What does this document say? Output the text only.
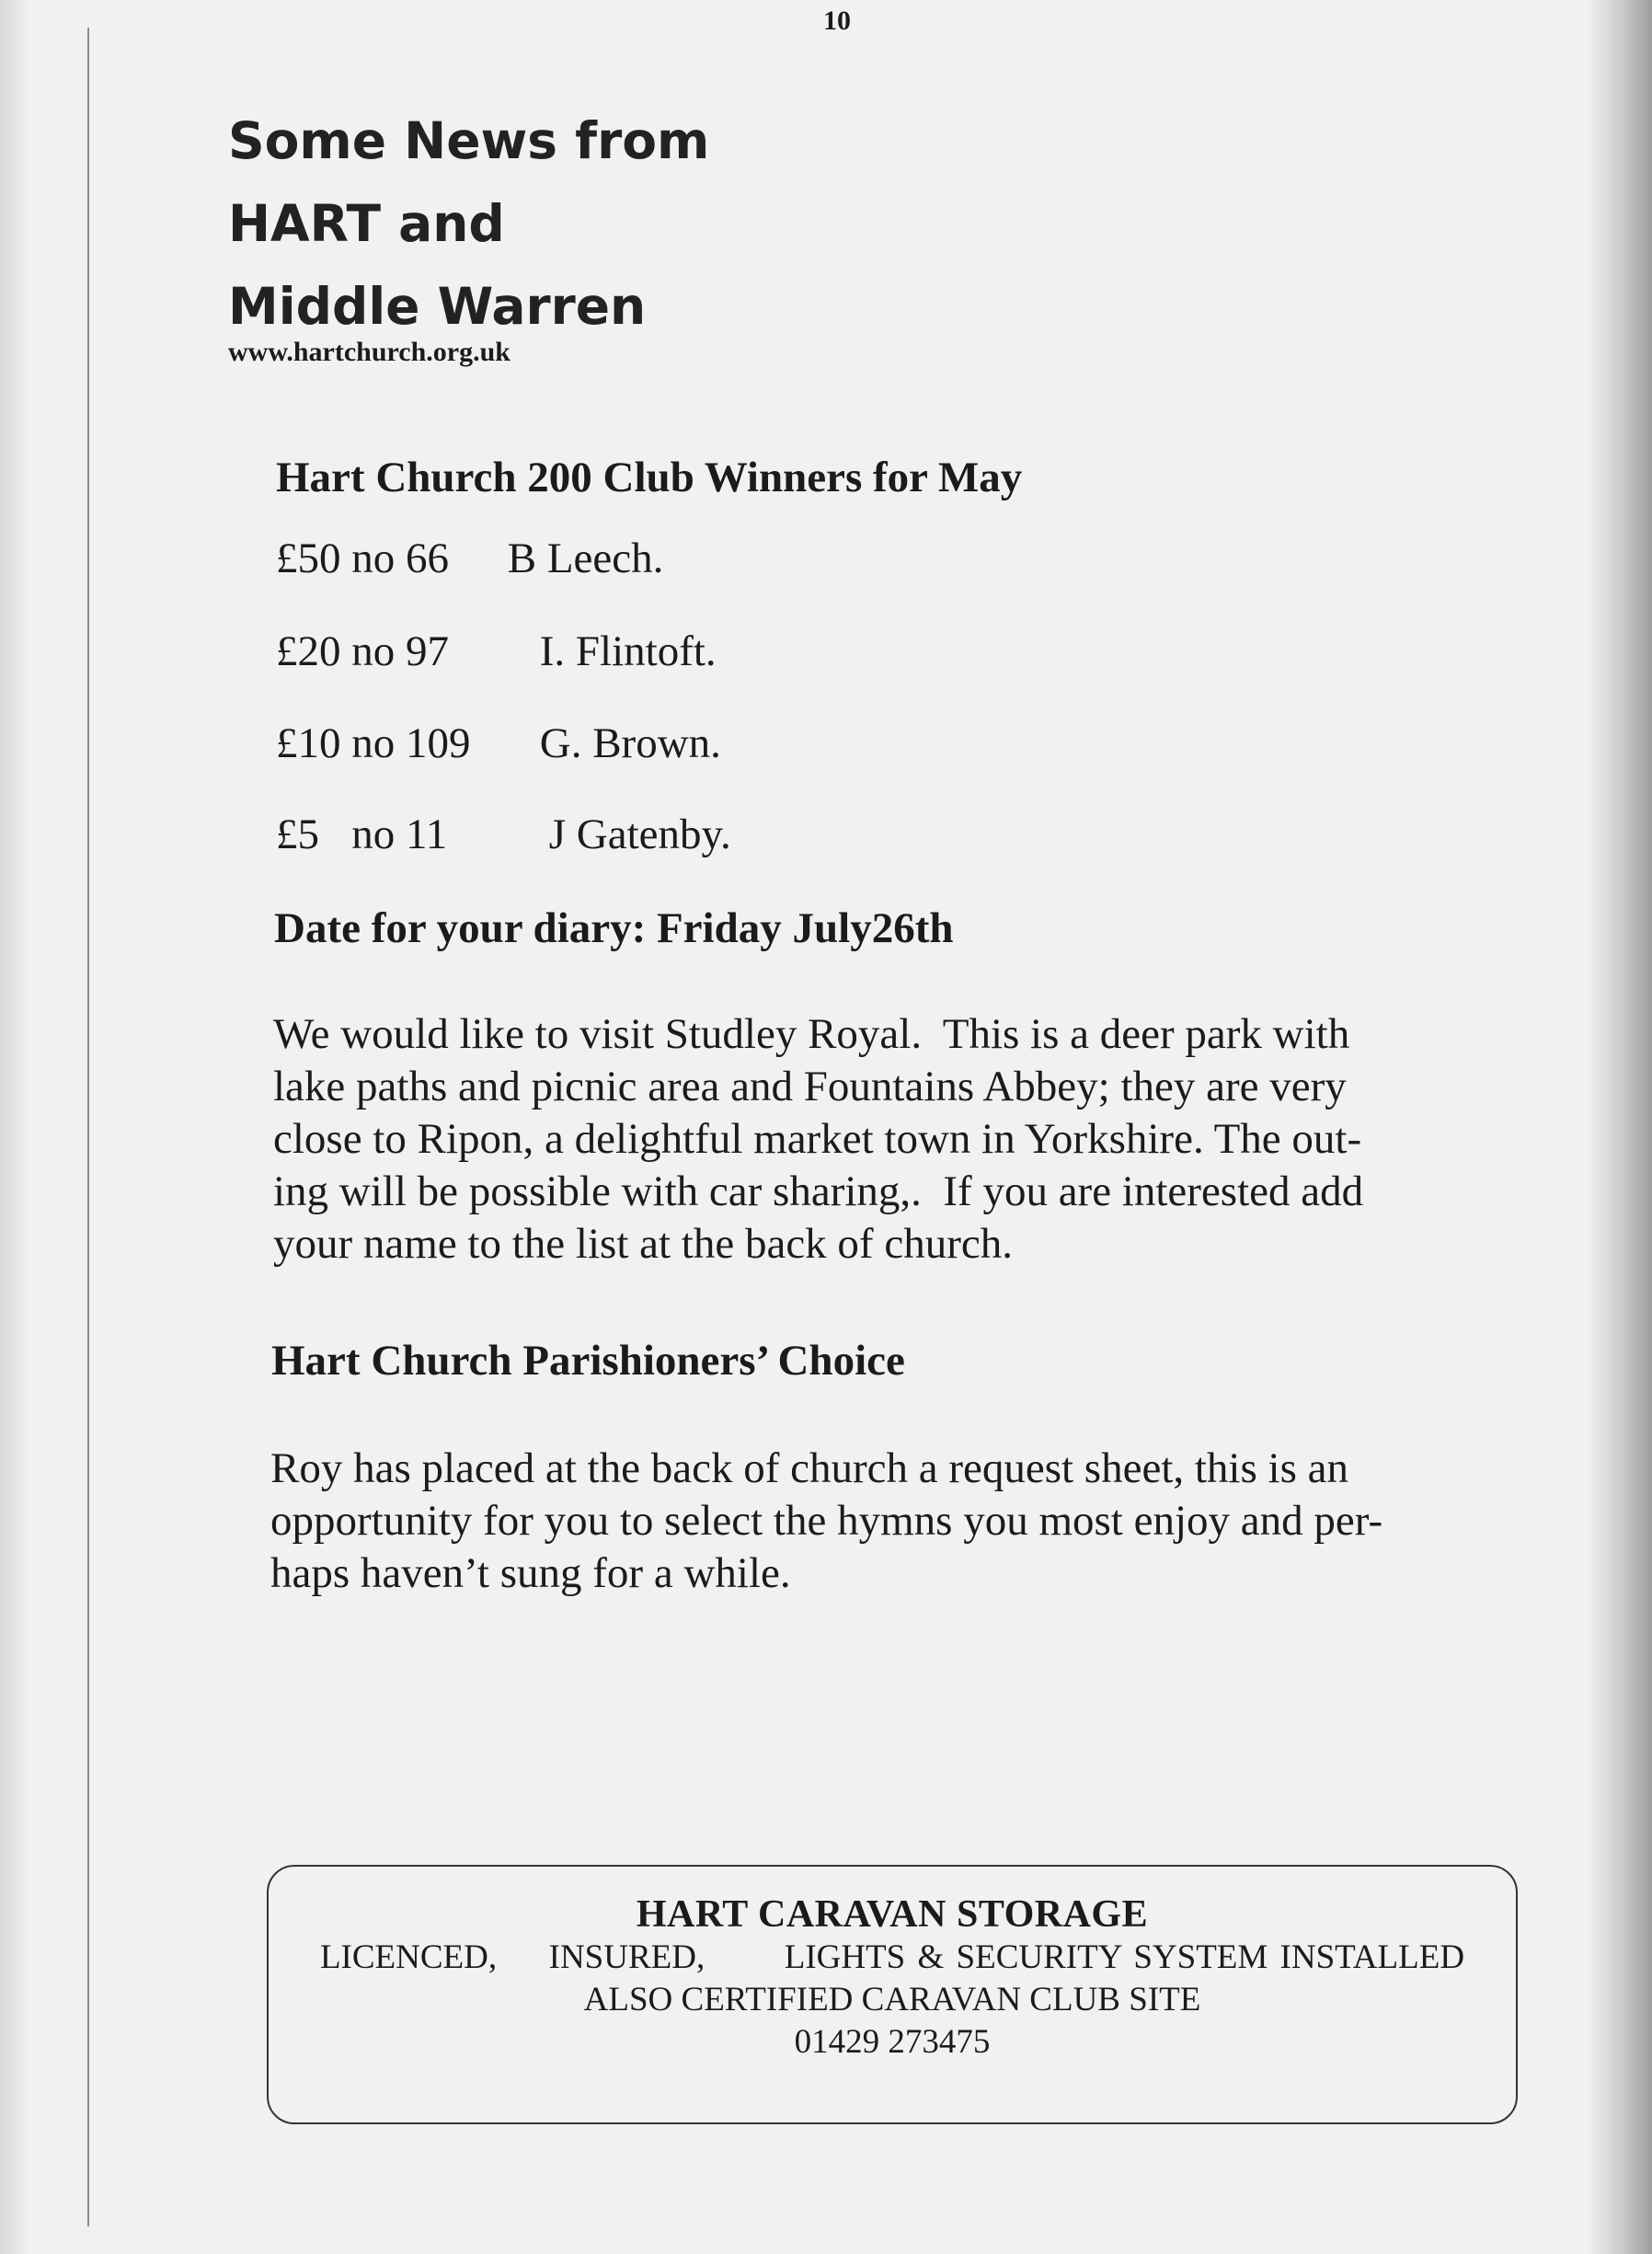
10
Some News from
HART and
Middle Warren
www.hartchurch.org.uk
Hart Church 200 Club Winners for May
£50 no 66 B Leech.
£20 no 97 I. Flintoft.
£10 no 109 G. Brown.
£5   no 11 J Gatenby.
Date for your diary: Friday July26th
We would like to visit Studley Royal.  This is a deer park with
lake paths and picnic area and Fountains Abbey; they are very
close to Ripon, a delightful market town in Yorkshire. The out-
ing will be possible with car sharing,.  If you are interested add
your name to the list at the back of church.
Hart Church Parishioners’ Choice
Roy has placed at the back of church a request sheet, this is an
opportunity for you to select the hymns you most enjoy and per-
haps haven’t sung for a while.
HART CARAVAN STORAGE
LICENCED, INSURED, LIGHTS & SECURITY SYSTEM INSTALLED
ALSO CERTIFIED CARAVAN CLUB SITE
01429 273475
